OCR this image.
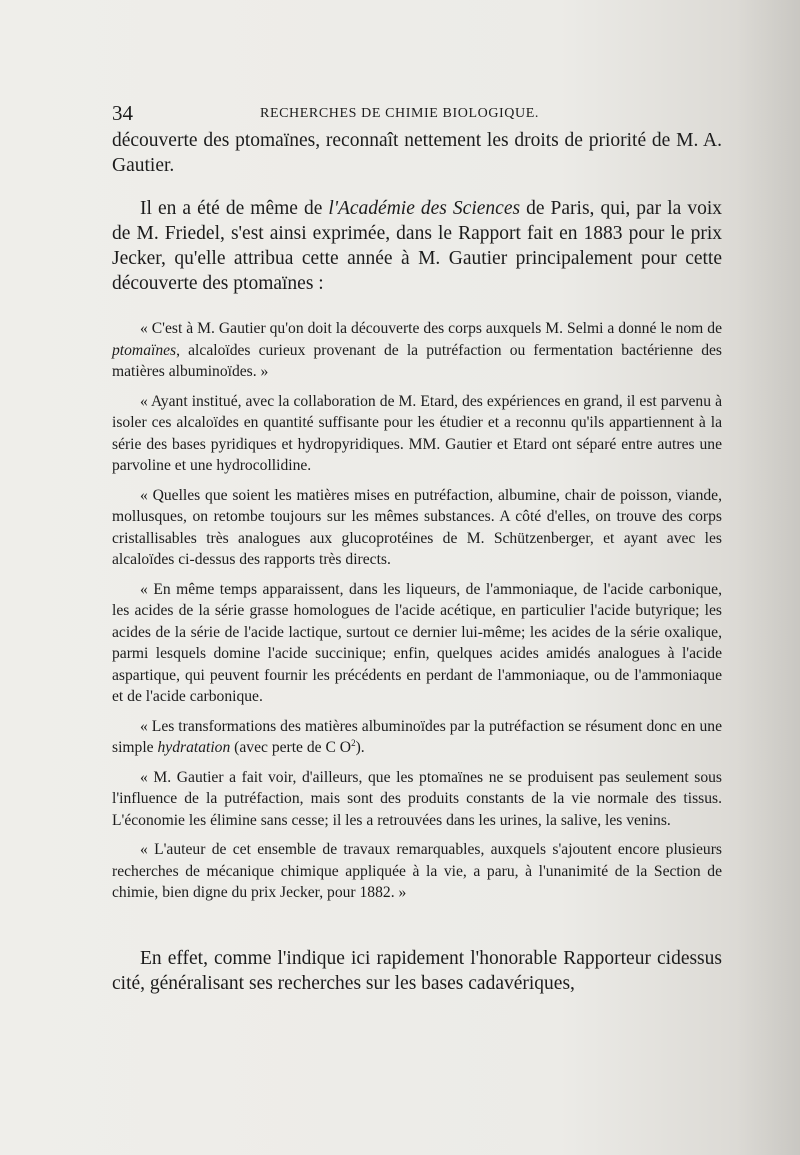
34	RECHERCHES DE CHIMIE BIOLOGIQUE.

découverte des ptomaïnes, reconnaît nettement les droits de priorité de M. A. Gautier.

Il en a été de même de l'Académie des Sciences de Paris, qui, par la voix de M. Friedel, s'est ainsi exprimée, dans le Rapport fait en 1883 pour le prix Jecker, qu'elle attribua cette année à M. Gautier principalement pour cette découverte des ptomaïnes :

« C'est à M. Gautier qu'on doit la découverte des corps auxquels M. Selmi a donné le nom de ptomaïnes, alcaloïdes curieux provenant de la putréfaction ou fermentation bactérienne des matières albuminoïdes. »

« Ayant institué, avec la collaboration de M. Etard, des expériences en grand, il est parvenu à isoler ces alcaloïdes en quantité suffisante pour les étudier et a reconnu qu'ils appartiennent à la série des bases pyridiques et hydropyridiques. MM. Gautier et Etard ont séparé entre autres une parvoline et une hydrocollidine.

« Quelles que soient les matières mises en putréfaction, albumine, chair de poisson, viande, mollusques, on retombe toujours sur les mêmes substances. A côté d'elles, on trouve des corps cristallisables très analogues aux glucoprotéines de M. Schützenberger, et ayant avec les alcaloïdes ci-dessus des rapports très directs.

« En même temps apparaissent, dans les liqueurs, de l'ammoniaque, de l'acide carbonique, les acides de la série grasse homologues de l'acide acétique, en particulier l'acide butyrique; les acides de la série de l'acide lactique, surtout ce dernier lui-même; les acides de la série oxalique, parmi lesquels domine l'acide succinique; enfin, quelques acides amidés analogues à l'acide aspartique, qui peuvent fournir les précédents en perdant de l'ammoniaque, ou de l'ammoniaque et de l'acide carbonique.

« Les transformations des matières albuminoïdes par la putréfaction se résument donc en une simple hydratation (avec perte de C $O^2$).

« M. Gautier a fait voir, d'ailleurs, que les ptomaïnes ne se produisent pas seulement sous l'influence de la putréfaction, mais sont des produits constants de la vie normale des tissus. L'économie les élimine sans cesse; il les a retrouvées dans les urines, la salive, les venins.

« L'auteur de cet ensemble de travaux remarquables, auxquels s'ajoutent encore plusieurs recherches de mécanique chimique appliquée à la vie, a paru, à l'unanimité de la Section de chimie, bien digne du prix Jecker, pour 1882. »

En effet, comme l'indique ici rapidement l'honorable Rapporteur cidessus cité, généralisant ses recherches sur les bases cadavériques,
